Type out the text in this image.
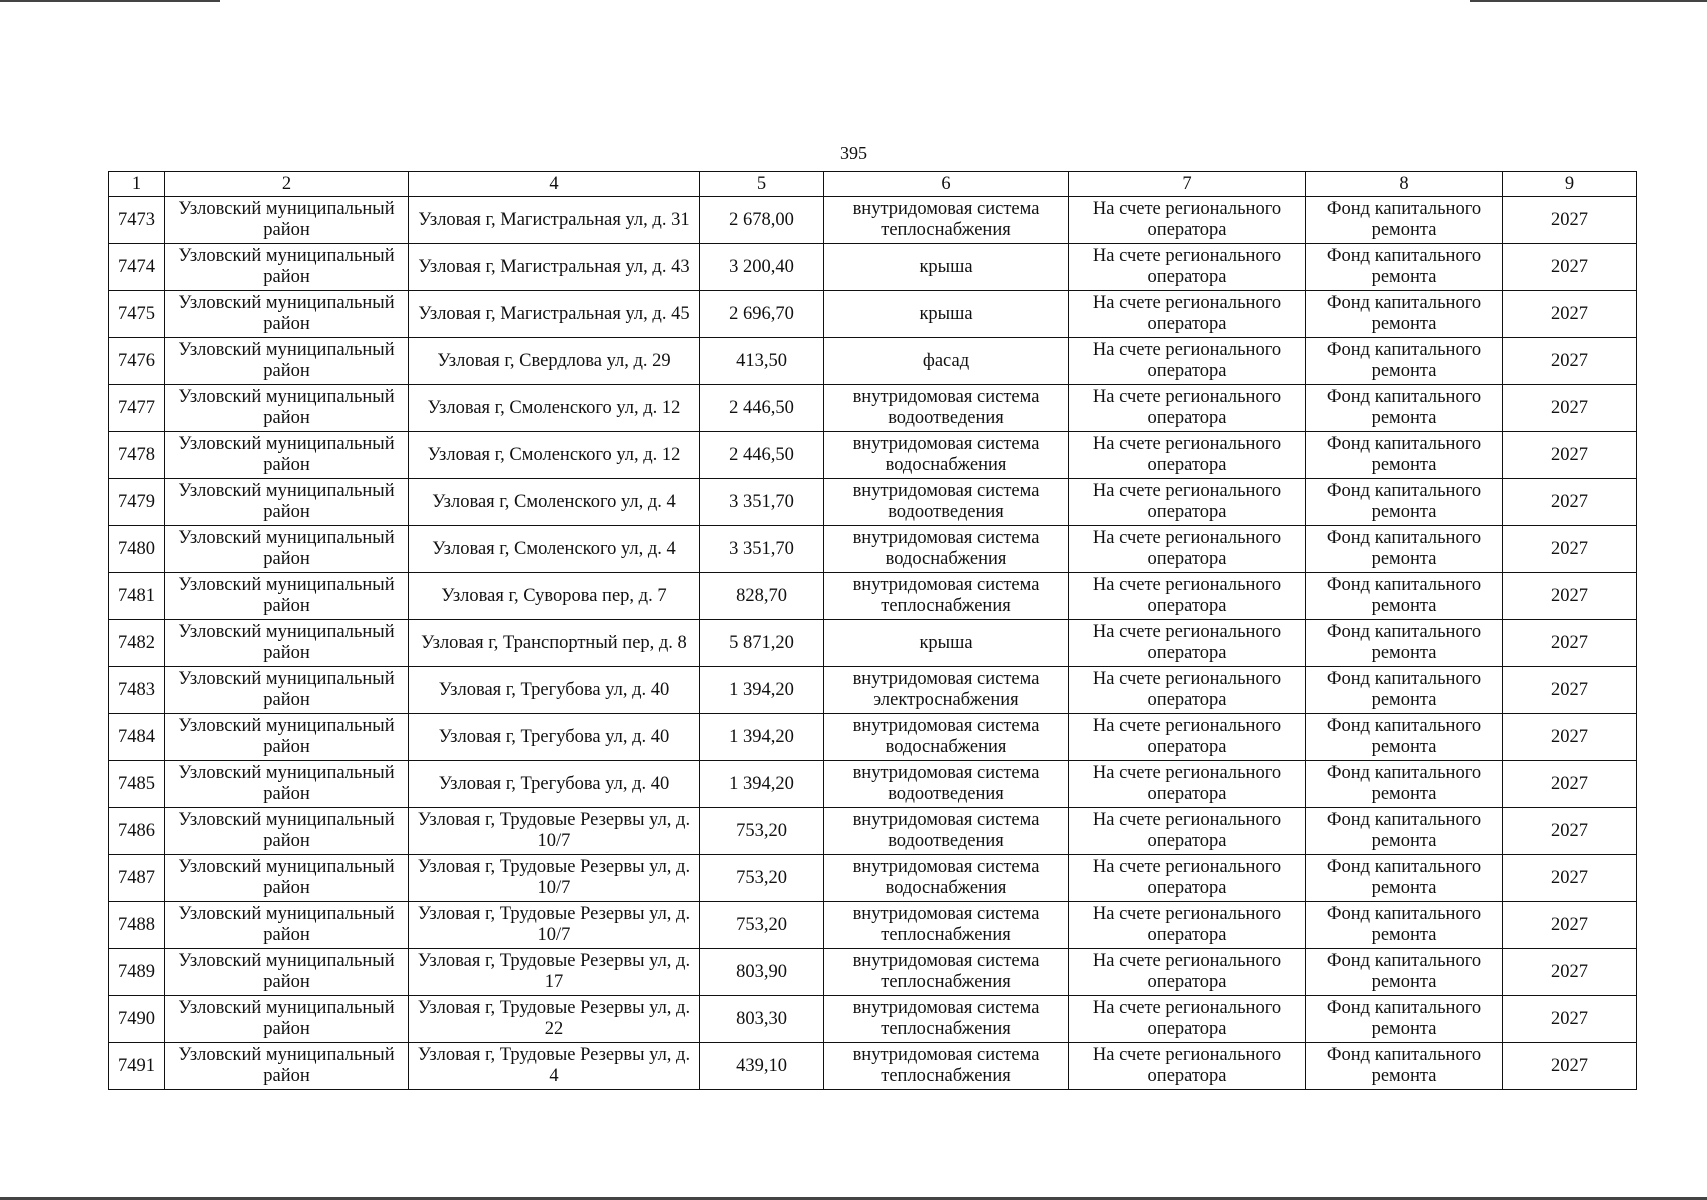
395
1	2	4	5	6	7	8	9
7473	Узловский муниципальный район	Узловая г, Магистральная ул, д. 31	2 678,00	внутридомовая система теплоснабжения	На счете регионального оператора	Фонд капитального ремонта	2027
7474	Узловский муниципальный район	Узловая г, Магистральная ул, д. 43	3 200,40	крыша	На счете регионального оператора	Фонд капитального ремонта	2027
7475	Узловский муниципальный район	Узловая г, Магистральная ул, д. 45	2 696,70	крыша	На счете регионального оператора	Фонд капитального ремонта	2027
7476	Узловский муниципальный район	Узловая г, Свердлова ул, д. 29	413,50	фасад	На счете регионального оператора	Фонд капитального ремонта	2027
7477	Узловский муниципальный район	Узловая г, Смоленского ул, д. 12	2 446,50	внутридомовая система водоотведения	На счете регионального оператора	Фонд капитального ремонта	2027
7478	Узловский муниципальный район	Узловая г, Смоленского ул, д. 12	2 446,50	внутридомовая система водоснабжения	На счете регионального оператора	Фонд капитального ремонта	2027
7479	Узловский муниципальный район	Узловая г, Смоленского ул, д. 4	3 351,70	внутридомовая система водоотведения	На счете регионального оператора	Фонд капитального ремонта	2027
7480	Узловский муниципальный район	Узловая г, Смоленского ул, д. 4	3 351,70	внутридомовая система водоснабжения	На счете регионального оператора	Фонд капитального ремонта	2027
7481	Узловский муниципальный район	Узловая г, Суворова пер, д. 7	828,70	внутридомовая система теплоснабжения	На счете регионального оператора	Фонд капитального ремонта	2027
7482	Узловский муниципальный район	Узловая г, Транспортный пер, д. 8	5 871,20	крыша	На счете регионального оператора	Фонд капитального ремонта	2027
7483	Узловский муниципальный район	Узловая г, Трегубова ул, д. 40	1 394,20	внутридомовая система электроснабжения	На счете регионального оператора	Фонд капитального ремонта	2027
7484	Узловский муниципальный район	Узловая г, Трегубова ул, д. 40	1 394,20	внутридомовая система водоснабжения	На счете регионального оператора	Фонд капитального ремонта	2027
7485	Узловский муниципальный район	Узловая г, Трегубова ул, д. 40	1 394,20	внутридомовая система водоотведения	На счете регионального оператора	Фонд капитального ремонта	2027
7486	Узловский муниципальный район	Узловая г, Трудовые Резервы ул, д. 10/7	753,20	внутридомовая система водоотведения	На счете регионального оператора	Фонд капитального ремонта	2027
7487	Узловский муниципальный район	Узловая г, Трудовые Резервы ул, д. 10/7	753,20	внутридомовая система водоснабжения	На счете регионального оператора	Фонд капитального ремонта	2027
7488	Узловский муниципальный район	Узловая г, Трудовые Резервы ул, д. 10/7	753,20	внутридомовая система теплоснабжения	На счете регионального оператора	Фонд капитального ремонта	2027
7489	Узловский муниципальный район	Узловая г, Трудовые Резервы ул, д. 17	803,90	внутридомовая система теплоснабжения	На счете регионального оператора	Фонд капитального ремонта	2027
7490	Узловский муниципальный район	Узловая г, Трудовые Резервы ул, д. 22	803,30	внутридомовая система теплоснабжения	На счете регионального оператора	Фонд капитального ремонта	2027
7491	Узловский муниципальный район	Узловая г, Трудовые Резервы ул, д. 4	439,10	внутридомовая система теплоснабжения	На счете регионального оператора	Фонд капитального ремонта	2027
